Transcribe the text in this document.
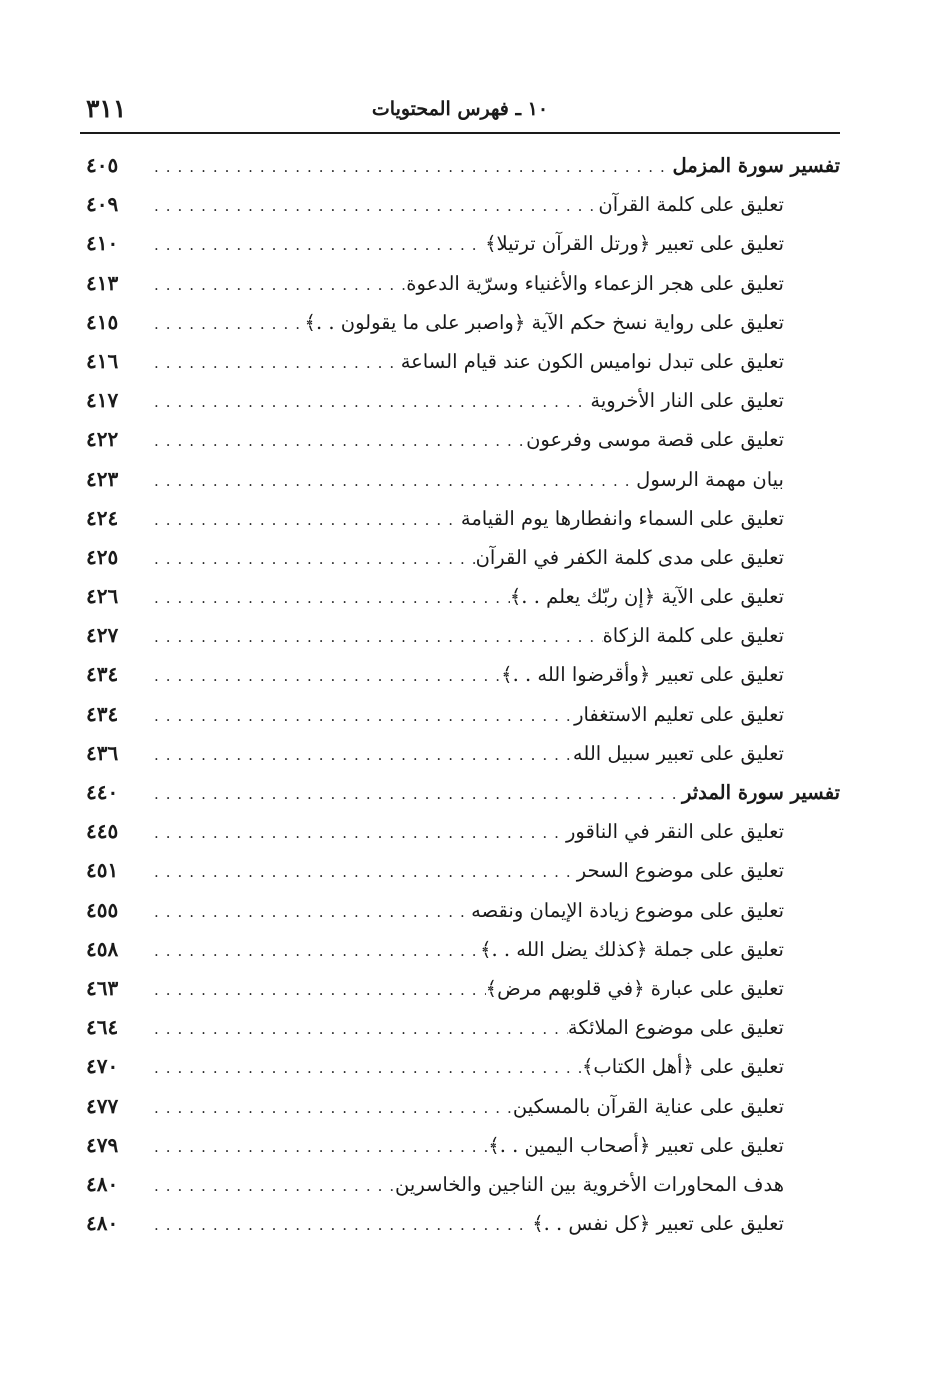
١٠ ـ فهرس المحتويات
٣١١
تفسير سورة المزمل
.....
٤٠٥
تعليق على كلمة القرآن
.....
٤٠٩
تعليق على تعبير ﴿ورتل القرآن ترتيلا﴾
.....
٤١٠
تعليق على هجر الزعماء والأغنياء وسرّية الدعوة
.....
٤١٣
تعليق على رواية نسخ حكم الآية ﴿واصبر على ما يقولون . .﴾
.....
٤١٥
تعليق على تبدل نواميس الكون عند قيام الساعة
.....
٤١٦
تعليق على النار الأخروية
.....
٤١٧
تعليق على قصة موسى وفرعون
.....
٤٢٢
بيان مهمة الرسول
.....
٤٢٣
تعليق على السماء وانفطارها يوم القيامة
.....
٤٢٤
تعليق على مدى كلمة الكفر في القرآن
.....
٤٢٥
تعليق على الآية ﴿إن ربّك يعلم . .﴾
.....
٤٢٦
تعليق على كلمة الزكاة
.....
٤٢٧
تعليق على تعبير ﴿وأقرضوا الله . .﴾
.....
٤٣٤
تعليق على تعليم الاستغفار
.....
٤٣٤
تعليق على تعبير سبيل الله
.....
٤٣٦
تفسير سورة المدثر
.....
٤٤٠
تعليق على النقر في الناقور
.....
٤٤٥
تعليق على موضوع السحر
.....
٤٥١
تعليق على موضوع زيادة الإيمان ونقصه
.....
٤٥٥
تعليق على جملة ﴿كذلك يضل الله . .﴾
.....
٤٥٨
تعليق على عبارة ﴿في قلوبهم مرض﴾
.....
٤٦٣
تعليق على موضوع الملائكة
.....
٤٦٤
تعليق على ﴿أهل الكتاب﴾
.....
٤٧٠
تعليق على عناية القرآن بالمسكين
.....
٤٧٧
تعليق على تعبير ﴿أصحاب اليمين . .﴾
.....
٤٧٩
هدف المحاورات الأخروية بين الناجين والخاسرين
.....
٤٨٠
تعليق على تعبير ﴿كل نفس . .﴾
.....
٤٨٠
